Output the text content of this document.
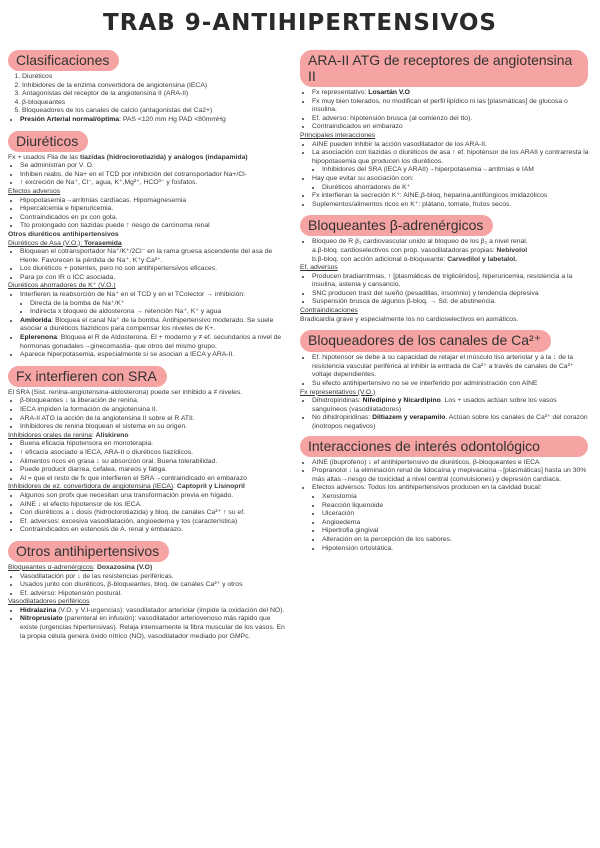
TRAB 9-ANTIHIPERTENSIVOS
Clasificaciones
1. Diuréticos
2. Inhibidores de la enzima convertidora de angiotensina (IECA)
3. Antagonistas del receptor de la angiotensina II (ARA-II)
4. β-bloqueantes
5. Bloqueadores de los canales de calcio (antagonistas del Ca2+)
• Presión Arterial normal/óptima: PAS <120 mm Hg PAD <80mmHg
Diuréticos
Fx + usados Flia de las tiazidas (hidroclorotiazida) y análogos (indapamida)
• Se administran por V. O.
• Inhiben reabs. de Na+ en el TCD por inhibición del cotransportador Na+/Cl-
• ↑ excreción de Na⁺, Cl⁻, agua, K⁺,Mg²⁺, HCO³⁻ y fosfatos.
Efectos adversos
• Hipopotasemia→arritmias cardíacas. Hipomagnesemia
• Hipercalcemia e hiperuricemia.
• Contraindicados en px con gota.
• Tto prolongado con tiazidas puede ↑ riesgo de carcinoma renal
Otros diuréticos antihipertensivos
Diuréticos de Asa (V.O.): Torasemida
• Bloquean el cotransportador Na⁺/K⁺/2Cl⁻ en la rama gruesa ascendente del asa de Henle. Favorecen la pérdida de Na⁺, K⁺y Ca²⁺.
• Los diuréticos + potentes, pero no son antihipertensivos eficaces.
• Para px con IR o ICC asociada.
Diuréticos ahorradores de K⁺ (V.O.)
• Interfieren la reabsorción de Na⁺ en el TCD y en el TColector → inhibición:
• Directa de la bomba de Na⁺/K⁺
• Indirecta x bloqueo de aldosterona → retención Na⁺, K⁺ y agua
• Amilorida: Bloquea el canal Na⁺ de la bomba. Antihipertensivo moderado. Se suele asociar a diuréticos tiazídicos para compensar los niveles de K+.
• Eplerenona: Bloquea el R de Aldosterona. El + moderno y ≠ ef. secundarios a nivel de hormonas gonadales→ginecomastia- que otros del mismo grupo.
• Aparece hiperpotasemia, especialmente si se asocian a IECA y ARA-II.
Fx interfieren con SRA
El SRA (Sist. renina-angiotensina-aldosterona) puede ser inhibido a ≠ niveles.
• β-bloqueantes ↓ la liberación de renina.
• IECA impiden la formación de angiotensina II.
• ARA-II ATG la acción de la angiotensina II sobre el R ATII.
• Inhibidores de renina bloquean el sistema en su origen.
Inhibidores orales de renina: Aliskireno
• Buena eficacia hipotensora en monoterapia.
• ↑ eficacia asociado a IECA, ARA-II o diuréticos tiazídicos.
• Alimentos ricos en grasa ↓ su absorción oral. Buena tolerabilidad.
• Puede producir diarrea, cefalea, mareos y fatiga.
• Al = que el resto de fx que interfieren el SRA→contraindicado en embarazo
Inhibidores de ez. convertidora de angiotensina (IECA): Captopril y Lisinopril
• Algunos son profx que necesitan una transformación previa en hígado.
• AINE ↓ el efecto hipotensor de los IECA.
• Con diuréticos a ↓ dosis (hidroclorotiazida) y bloq. de canales Ca²⁺ ↑ su ef.
• Ef. adversos: excesiva vasodilatación, angioedema y tos (característica)
• Contraindicados en estenosis de A. renal y embarazo.
Otros antihipertensivos
Bloqueantes α-adrenérgicos: Doxazosina (V.O)
• Vasodilatación por ↓ de las resistencias periféricas.
• Usados junto con diuréticos, β-bloqueantes, bloq. de canales Ca²⁺ y otros
• Ef. adverso: Hipotensión postural.
Vasodilatadores periféricos
• Hidralazina (V.O. y V.I-urgencias): vasodilatador arteriolar (impide la oxidación del NO).
• Nitroprusiato (parenteral en infusión): vasodilatador arteriovenoso más rápido que existe (urgencias hipertensivas). Relaja intensamente la fibra muscular de los vasos. En la propia célula genera óxido nítrico (NO), vasodilatador mediado por GMPc.
ARA-II ATG de receptores de angiotensina II
• Fx representativo: Losartán V.O
• Fx muy bien tolerados, no modifican el perfil lipídico ni las [plasmáticas] de glucosa o insulina.
• Ef. adverso: hipotensión brusca (al comienzo del tto).
• Contraindicados en embarazo
Principales interacciones
• AINE pueden inhibir la acción vasodilatador de los ARA-II.
• La asociación con tiazidas o diuréticos de asa ↑ ef. hipotensor de los ARAII y contrarresta la hipopotasemia que producen los diuréticos.
• Inhibidores del SRA (IECA y ARAII)→hiperpotasemia→arritmias e IAM
• Hay que evitar su asociación con:
• Diuréticos ahorradores de K⁺
• Fx interfieran la secreción K⁺: AINE,β-bloq, heparina,antifúngicos imidazólicos
• Suplementos/alimentos ricos en K⁺: plátano, tomate, frutos secos.
Bloqueantes β-adrenérgicos
• Bloqueo de R β₁ cardiovascular unido al bloqueo de los β₂ a nivel renal.
a.β-bloq. cardioselectivos con prop. vasodilatadoras propias: Nebivolol
b.β-bloq. con acción adicional α-bloqueante: Carvedilol y labetalol.
Ef. adversos
• Producen bradiarritmias, ↑ [plasmáticas de triglicéridos], hiperuricemia, resistencia a la insulina, astenia y cansancio.
• SNC producen trast del sueño (pesadillas, insomnio) y tendencia depresiva
• Suspensión brusca de algunos β-bloq. → Sd. de abstinencia.
Contraindicaciones
Bradicardia grave y especialmente los no cardioselectivos en asmáticos.
Bloqueadores de los canales de Ca²⁺
• Ef. hipotensor se debe a su capacidad de relajar el músculo liso arteriolar y a la ↓ de la resistencia vascular periférica al inhibir la entrada de Ca²⁺ a través de canales de Ca²⁺ voltaje dependientes.
• Su efecto antihipertensivo no se ve interferido por administración con AINE
Fx representativos (V.O.)
• Dihidropiridinas: Nifedipino y Nicardipino. Los + usados actúan sobre los vasos sanguíneos (vasodilatadores)
• No dihidropiridinas: Diltiazem y verapamilo. Actúan sobre los canales de Ca²⁺ del corazón (inotropos negativos)
Interacciones de interés odontológico
• AINE (ibuprofeno) ↓ ef antihipertensivo de diuréticos, β-bloqueantes e IECA
• Propranolol ↓ la eliminación renal de lidocaína y mepivacaína→[plasmáticas] hasta un 30% más altas→riesgo de toxicidad a nivel central (convulsiones) y depresión cardíaca.
• Efectos adversos: Todos los antihipertensivos producen en la cavidad bucal:
• Xerostomía
• Reacción liquenoide
• Ulceración
• Angioedema
• Hipertrofia gingival
• Alteración en la percepción de los sabores.
• Hipotensión ortostática.
